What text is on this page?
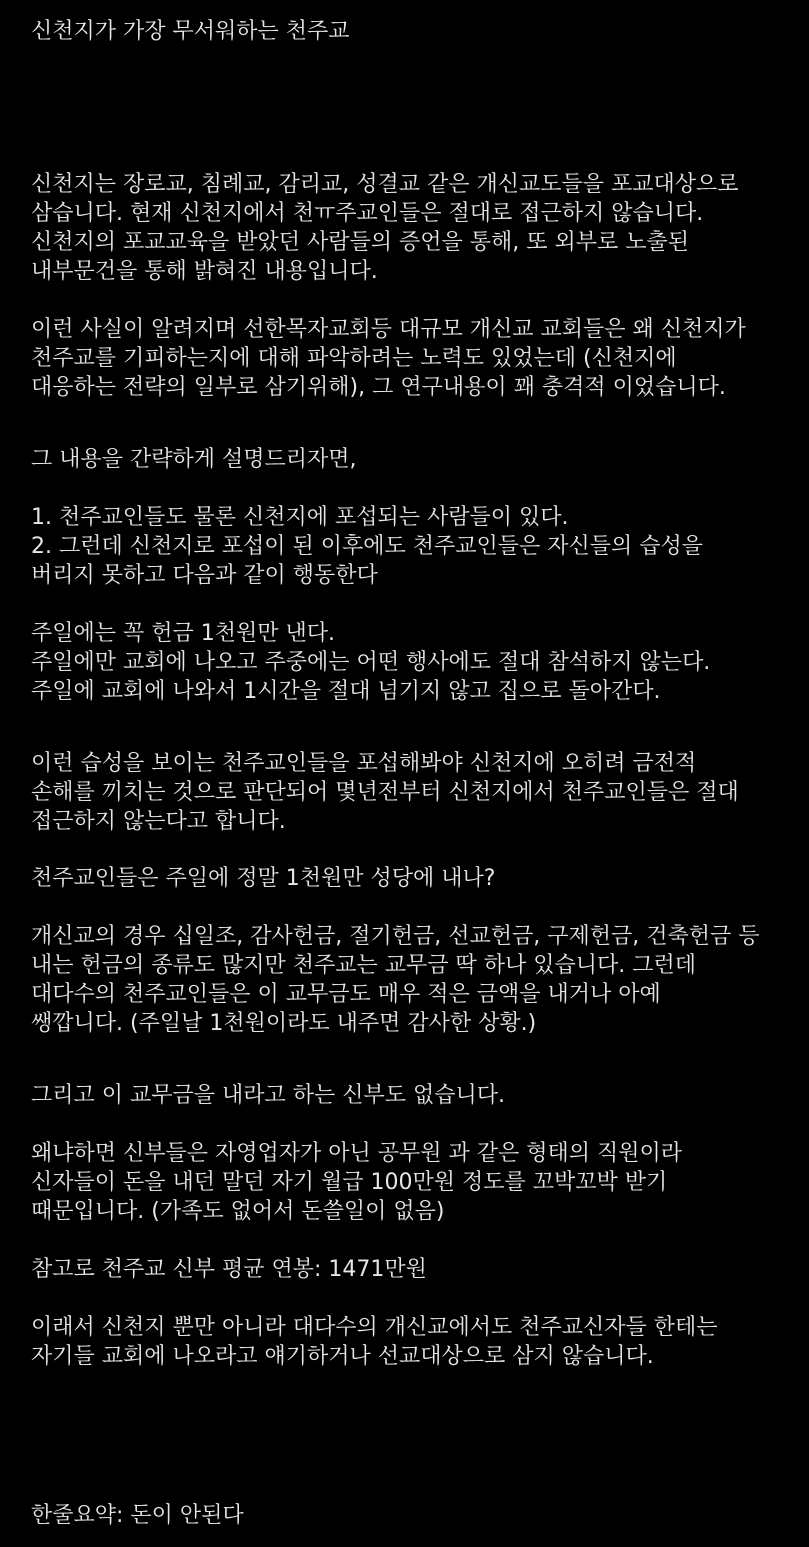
신천지가 가장 무서워하는 천주교
신천지는 장로교, 침례교, 감리교, 성결교 같은 개신교도들을 포교대상으로
삼습니다. 현재 신천지에서 천ㅠ주교인들은 절대로 접근하지 않습니다.
신천지의 포교교육을 받았던 사람들의 증언을 통해, 또 외부로 노출된
내부문건을 통해 밝혀진 내용입니다.
이런 사실이 알려지며 선한목자교회등 대규모 개신교 교회들은 왜 신천지가
천주교를 기피하는지에 대해 파악하려는 노력도 있었는데 (신천지에
대응하는 전략의 일부로 삼기위해), 그 연구내용이 꽤 충격적 이었습니다.
그 내용을 간략하게 설명드리자면,
1. 천주교인들도 물론 신천지에 포섭되는 사람들이 있다.
2. 그런데 신천지로 포섭이 된 이후에도 천주교인들은 자신들의 습성을
버리지 못하고 다음과 같이 행동한다
주일에는 꼭 헌금 1천원만 낸다.
주일에만 교회에 나오고 주중에는 어떤 행사에도 절대 참석하지 않는다.
주일에 교회에 나와서 1시간을 절대 넘기지 않고 집으로 돌아간다.
이런 습성을 보이는 천주교인들을 포섭해봐야 신천지에 오히려 금전적
손해를 끼치는 것으로 판단되어 몇년전부터 신천지에서 천주교인들은 절대
접근하지 않는다고 합니다.
천주교인들은 주일에 정말 1천원만 성당에 내나?
개신교의 경우 십일조, 감사헌금, 절기헌금, 선교헌금, 구제헌금, 건축헌금 등
내는 헌금의 종류도 많지만 천주교는 교무금 딱 하나 있습니다. 그런데
대다수의 천주교인들은 이 교무금도 매우 적은 금액을 내거나 아예
쌩깝니다. (주일날 1천원이라도 내주면 감사한 상황.)
그리고 이 교무금을 내라고 하는 신부도 없습니다.
왜냐하면 신부들은 자영업자가 아닌 공무원 과 같은 형태의 직원이라
신자들이 돈을 내던 말던 자기 월급 100만원 정도를 꼬박꼬박 받기
때문입니다. (가족도 없어서 돈쓸일이 없음)
참고로 천주교 신부 평균 연봉: 1471만원
이래서 신천지 뿐만 아니라 대다수의 개신교에서도 천주교신자들 한테는
자기들 교회에 나오라고 얘기하거나 선교대상으로 삼지 않습니다.
한줄요약: 돈이 안된다
